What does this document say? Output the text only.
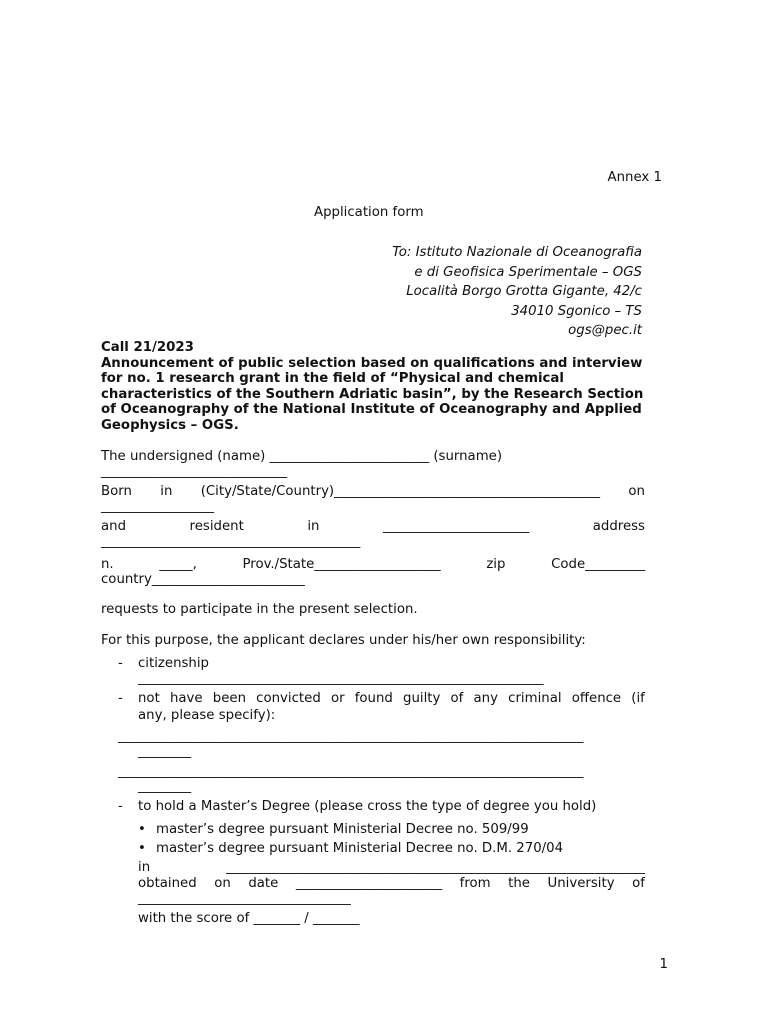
Annex 1
Application form
To: Istituto Nazionale di Oceanografia
e di Geofisica Sperimentale – OGS
Località Borgo Grotta Gigante, 42/c
34010 Sgonico – TS
ogs@pec.it
Call 21/2023
Announcement of public selection based on qualifications and interview for no. 1 research grant in the field of “Physical and chemical characteristics of the Southern Adriatic basin”, by the Research Section of Oceanography of the National Institute of Oceanography and Applied Geophysics – OGS.
The undersigned (name) ________________________ (surname)
____________________________
Born in (City/State/Country)________________________________________ on
_________________
and	resident	in	______________________	address
_______________________________________
n.	_____,	Prov./State___________________	zip	Code_________
country_______________________
requests to participate in the present selection.
For this purpose, the applicant declares under his/her own responsibility:
- citizenship
_____________________________________________________________
- not have been convicted or found guilty of any criminal offence (if
any, please specify):
______________________________________________________________________
________
______________________________________________________________________
________
- to hold a Master’s Degree (please cross the type of degree you hold)
• master’s degree pursuant Ministerial Decree no. 509/99
• master’s degree pursuant Ministerial Decree no. D.M. 270/04
in	_______________________________________________________________
obtained on date ______________________ from the University of
________________________________
with the score of _______ / _______
1
